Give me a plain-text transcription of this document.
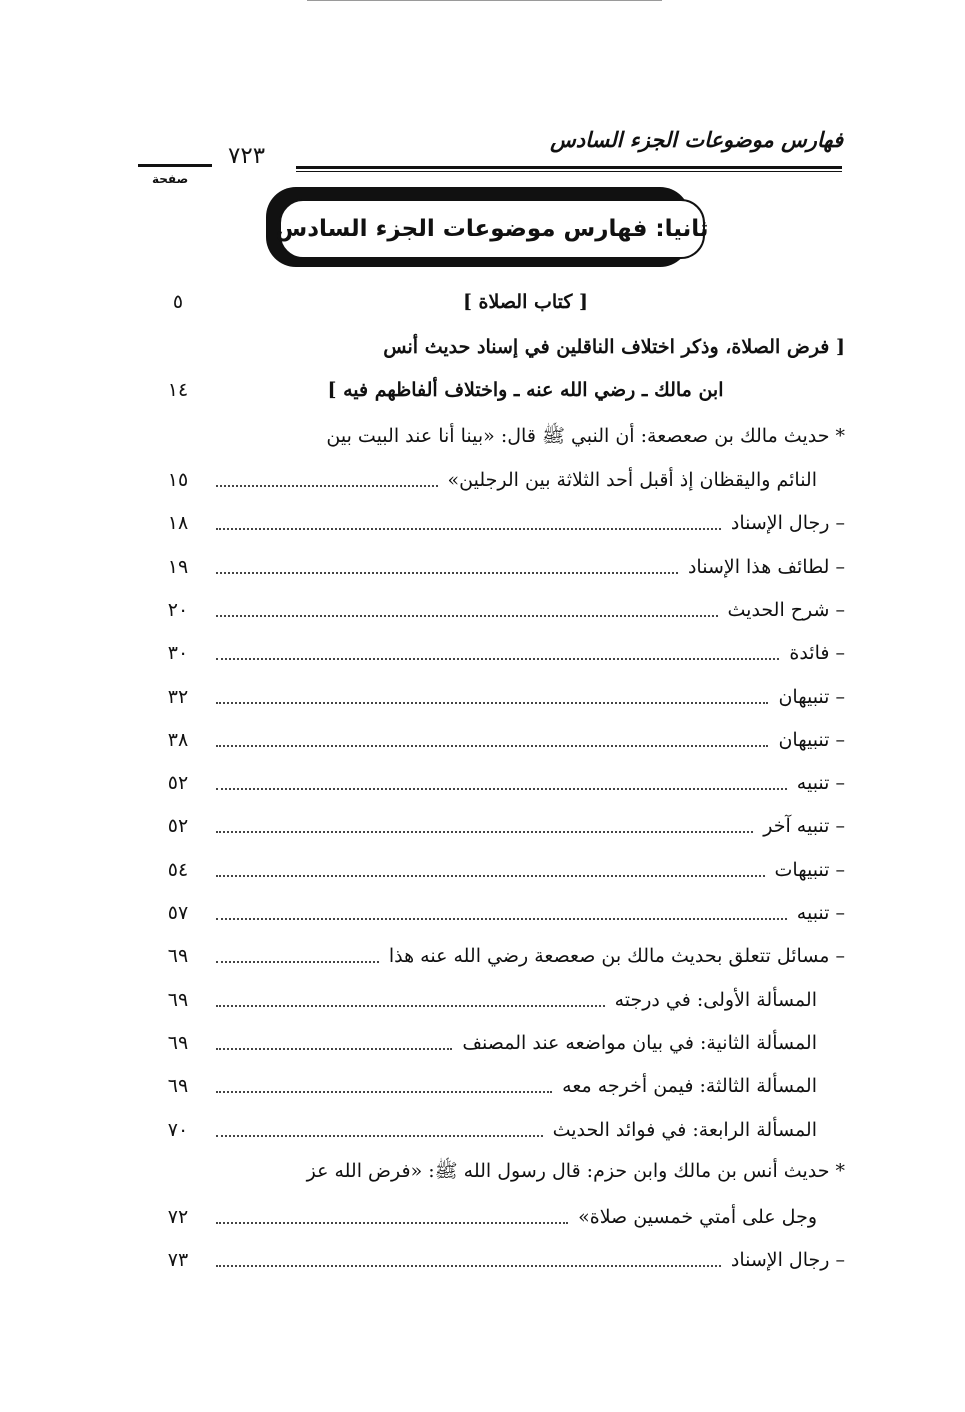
فهارس موضوعات الجزء السادس
٧٢٣
صفحة
ثانيا: فهارس موضوعات الجزء السادس
[ كتاب الصلاة ]
٥
[ فرض الصلاة، وذكر اختلاف الناقلين في إسناد حديث أنس
ابن مالك ـ رضي الله عنه ـ واختلاف ألفاظهم فيه ]
١٤
* حديث مالك بن صعصعة: أن النبي ﷺ قال: «بينا أنا عند البيت بين
النائم واليقظان إذ أقبل أحد الثلاثة بين الرجلين»
١٥
– رجال الإسناد
١٨
– لطائف هذا الإسناد
١٩
– شرح الحديث
٢٠
– فائدة
٣٠
– تنبيهان
٣٢
– تنبيهان
٣٨
– تنبيه
٥٢
– تنبيه آخر
٥٢
– تنبيهات
٥٤
– تنبيه
٥٧
– مسائل تتعلق بحديث مالك بن صعصعة رضي الله عنه هذا
٦٩
المسألة الأولى: في درجته
٦٩
المسألة الثانية: في بيان مواضعه عند المصنف
٦٩
المسألة الثالثة: فيمن أخرجه معه
٦٩
المسألة الرابعة: في فوائد الحديث
٧٠
* حديث أنس بن مالك وابن حزم: قال رسول الله ﷺ: «فرض الله عز
وجل على أمتي خمسين صلاة»
٧٢
– رجال الإسناد
٧٣
